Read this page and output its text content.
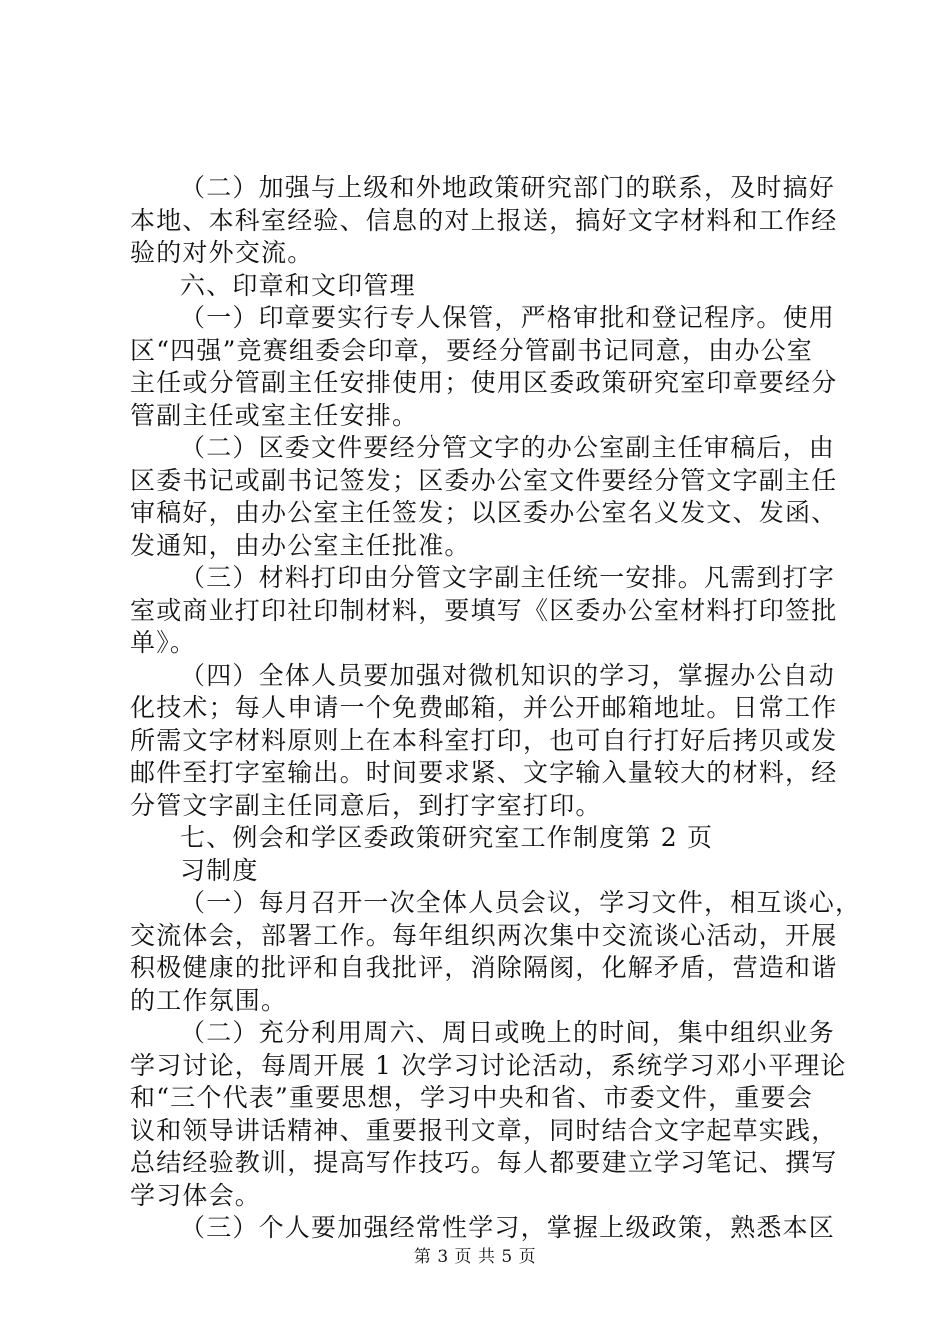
（二）加强与上级和外地政策研究部门的联系，及时搞好
本地、本科室经验、信息的对上报送，搞好文字材料和工作经
验的对外交流。
六、印章和文印管理
（一）印章要实行专人保管，严格审批和登记程序。使用
区“四强”竞赛组委会印章，要经分管副书记同意，由办公室
主任或分管副主任安排使用；使用区委政策研究室印章要经分
管副主任或室主任安排。
（二）区委文件要经分管文字的办公室副主任审稿后，由
区委书记或副书记签发；区委办公室文件要经分管文字副主任
审稿好，由办公室主任签发；以区委办公室名义发文、发函、
发通知，由办公室主任批准。
（三）材料打印由分管文字副主任统一安排。凡需到打字
室或商业打印社印制材料，要填写《区委办公室材料打印签批
单》。
（四）全体人员要加强对微机知识的学习，掌握办公自动
化技术；每人申请一个免费邮箱，并公开邮箱地址。日常工作
所需文字材料原则上在本科室打印，也可自行打好后拷贝或发
邮件至打字室输出。时间要求紧、文字输入量较大的材料，经
分管文字副主任同意后，到打字室打印。
七、例会和学区委政策研究室工作制度第 2 页
习制度
（一）每月召开一次全体人员会议，学习文件，相互谈心，
交流体会，部署工作。每年组织两次集中交流谈心活动，开展
积极健康的批评和自我批评，消除隔阂，化解矛盾，营造和谐
的工作氛围。
（二）充分利用周六、周日或晚上的时间，集中组织业务
学习讨论，每周开展 1 次学习讨论活动，系统学习邓小平理论
和“三个代表”重要思想，学习中央和省、市委文件，重要会
议和领导讲话精神、重要报刊文章，同时结合文字起草实践，
总结经验教训，提高写作技巧。每人都要建立学习笔记、撰写
学习体会。
（三）个人要加强经常性学习，掌握上级政策，熟悉本区
第 3 页 共 5 页
